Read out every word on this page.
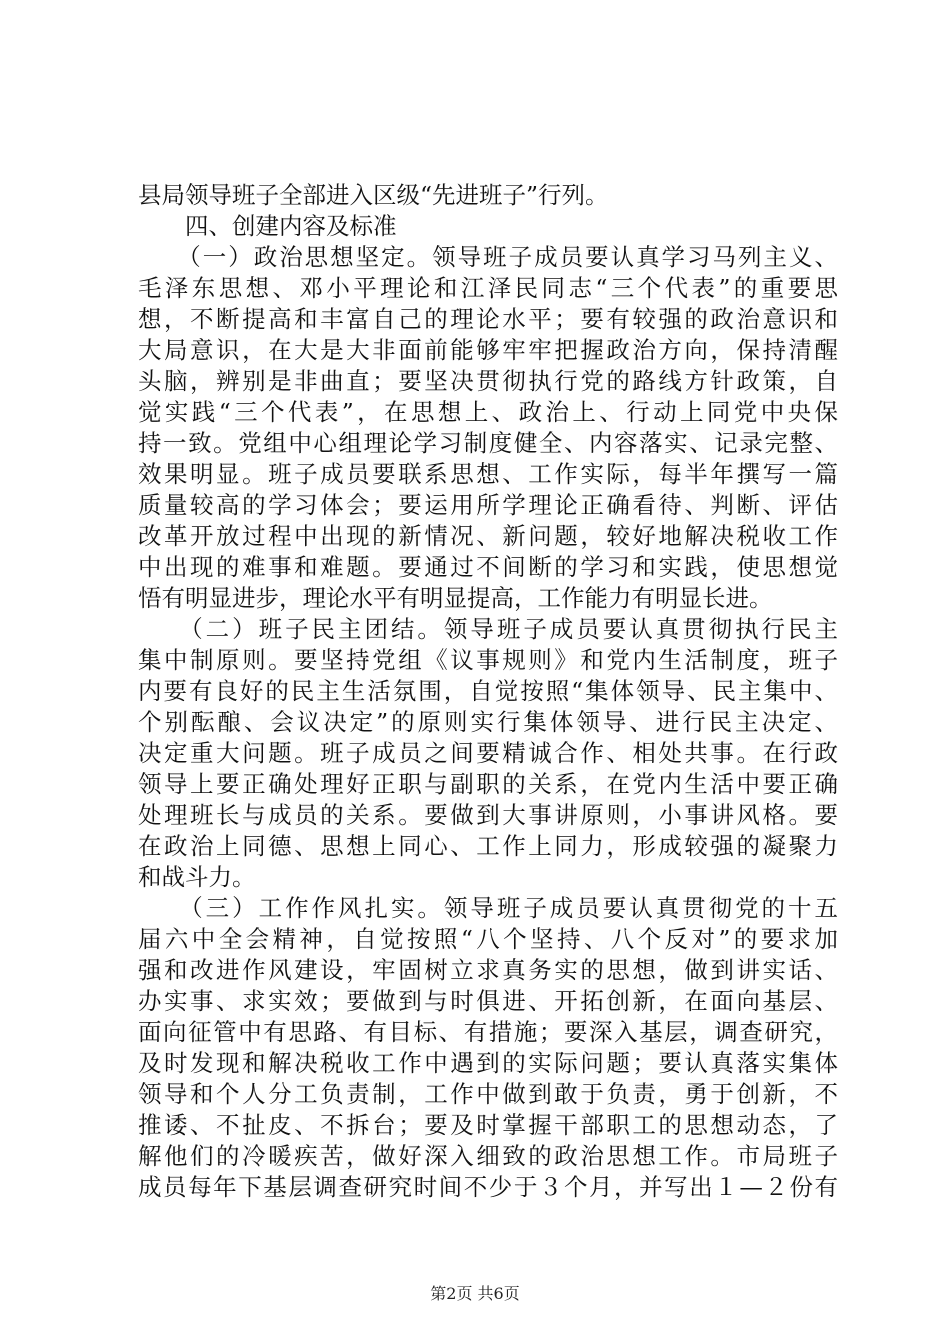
县局领导班子全部进入区级“先进班子”行列。
　　四、创建内容及标准
　　（一）政治思想坚定。领导班子成员要认真学习马列主义、
毛泽东思想、邓小平理论和江泽民同志“三个代表”的重要思
想，不断提高和丰富自己的理论水平；要有较强的政治意识和
大局意识，在大是大非面前能够牢牢把握政治方向，保持清醒
头脑，辨别是非曲直；要坚决贯彻执行党的路线方针政策，自
觉实践“三个代表”，在思想上、政治上、行动上同党中央保
持一致。党组中心组理论学习制度健全、内容落实、记录完整、
效果明显。班子成员要联系思想、工作实际，每半年撰写一篇
质量较高的学习体会；要运用所学理论正确看待、判断、评估
改革开放过程中出现的新情况、新问题，较好地解决税收工作
中出现的难事和难题。要通过不间断的学习和实践，使思想觉
悟有明显进步，理论水平有明显提高，工作能力有明显长进。
　　（二）班子民主团结。领导班子成员要认真贯彻执行民主
集中制原则。要坚持党组《议事规则》和党内生活制度，班子
内要有良好的民主生活氛围，自觉按照“集体领导、民主集中、
个别酝酿、会议决定”的原则实行集体领导、进行民主决定、
决定重大问题。班子成员之间要精诚合作、相处共事。在行政
领导上要正确处理好正职与副职的关系，在党内生活中要正确
处理班长与成员的关系。要做到大事讲原则，小事讲风格。要
在政治上同德、思想上同心、工作上同力，形成较强的凝聚力
和战斗力。
　　（三）工作作风扎实。领导班子成员要认真贯彻党的十五
届六中全会精神，自觉按照“八个坚持、八个反对”的要求加
强和改进作风建设，牢固树立求真务实的思想，做到讲实话、
办实事、求实效；要做到与时俱进、开拓创新，在面向基层、
面向征管中有思路、有目标、有措施；要深入基层，调查研究，
及时发现和解决税收工作中遇到的实际问题；要认真落实集体
领导和个人分工负责制，工作中做到敢于负责，勇于创新，不
推诿、不扯皮、不拆台；要及时掌握干部职工的思想动态，了
解他们的冷暖疾苦，做好深入细致的政治思想工作。市局班子
成员每年下基层调查研究时间不少于３个月，并写出１—２份有
第2页 共6页
